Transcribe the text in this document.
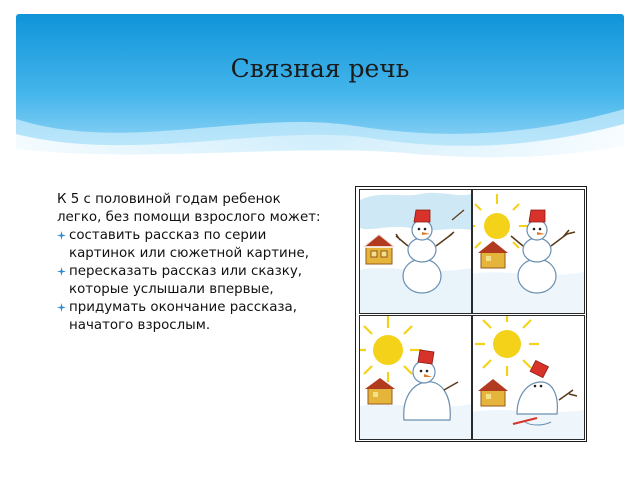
Связная речь

К 5 с половиной годам ребенок легко, без помощи взрослого может:

составить рассказ по серии картинок или сюжетной картине,
пересказать рассказ или сказку, которые услышали впервые,
придумать окончание рассказа, начатого взрослым.
